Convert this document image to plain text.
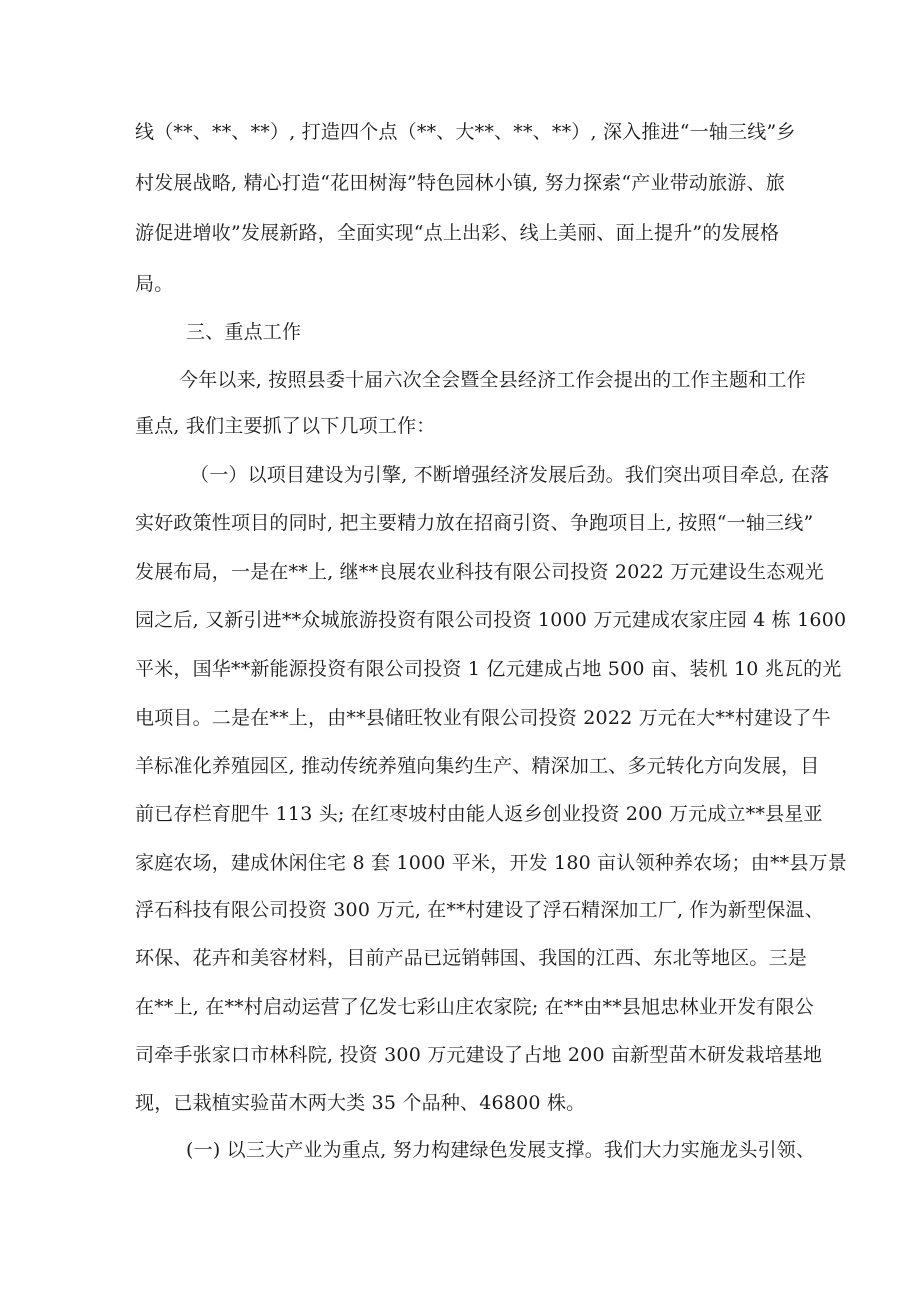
线（**、**、**）, 打造四个点（**、大**、**、**）, 深入推进“一轴三线”乡
村发展战略, 精心打造“花田树海”特色园林小镇, 努力探索“产业带动旅游、旅
游促进增收”发展新路，全面实现“点上出彩、线上美丽、面上提升”的发展格
局。
三、重点工作
今年以来, 按照县委十届六次全会暨全县经济工作会提出的工作主题和工作
重点, 我们主要抓了以下几项工作：
（一）以项目建设为引擎, 不断增强经济发展后劲。我们突出项目牵总, 在落
实好政策性项目的同时, 把主要精力放在招商引资、争跑项目上, 按照“一轴三线”
发展布局，一是在**上, 继**良展农业科技有限公司投资 2022 万元建设生态观光
园之后, 又新引进**众城旅游投资有限公司投资 1000 万元建成农家庄园 4 栋 1600
平米，国华**新能源投资有限公司投资 1 亿元建成占地 500 亩、装机 10 兆瓦的光
电项目。二是在**上，由**县储旺牧业有限公司投资 2022 万元在大**村建设了牛
羊标准化养殖园区, 推动传统养殖向集约生产、精深加工、多元转化方向发展，目
前已存栏育肥牛 113 头; 在红枣坡村由能人返乡创业投资 200 万元成立**县星亚
家庭农场，建成休闲住宅 8 套 1000 平米，开发 180 亩认领种养农场；由**县万景
浮石科技有限公司投资 300 万元, 在**村建设了浮石精深加工厂, 作为新型保温、
环保、花卉和美容材料，目前产品已远销韩国、我国的江西、东北等地区。三是
在**上, 在**村启动运营了亿发七彩山庄农家院; 在**由**县旭忠林业开发有限公
司牵手张家口市林科院, 投资 300 万元建设了占地 200 亩新型苗木研发栽培基地
现，已栽植实验苗木两大类 35 个品种、46800 株。
(一) 以三大产业为重点, 努力构建绿色发展支撑。我们大力实施龙头引领、
